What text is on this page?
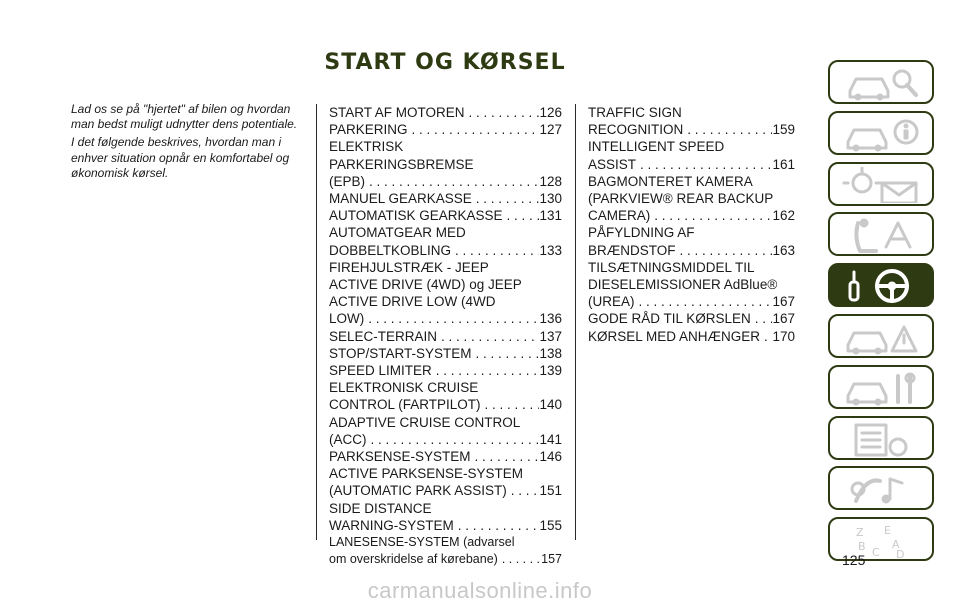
START OG KØRSEL

Lad os se på "hjertet" af bilen og hvordan man bedst muligt udnytter dens potentiale.

I det følgende beskrives, hvordan man i enhver situation opnår en komfortabel og økonomisk kørsel.

START AF MOTOREN . . .	126
PARKERING . . .	127
ELEKTRISK
PARKERINGSBREMSE
(EPB) . . .	128
MANUEL GEARKASSE . . .	130
AUTOMATISK GEARKASSE . . .	131
AUTOMATGEAR MED
DOBBELTKOBLING . . .	133
FIREHJULSTRÆK - JEEP
ACTIVE DRIVE (4WD) og JEEP
ACTIVE DRIVE LOW (4WD
LOW) . . .	136
SELEC-TERRAIN . . .	137
STOP/START-SYSTEM . . .	138
SPEED LIMITER . . .	139
ELEKTRONISK CRUISE
CONTROL (FARTPILOT) . . .	140
ADAPTIVE CRUISE CONTROL
(ACC) . . .	141
PARKSENSE-SYSTEM . . .	146
ACTIVE PARKSENSE-SYSTEM
(AUTOMATIC PARK ASSIST) . . . 151
SIDE DISTANCE
WARNING-SYSTEM . . .	155
LANESENSE-SYSTEM (advarsel
om overskridelse af kørebane) . . .	157
TRAFFIC SIGN
RECOGNITION . . .	159
INTELLIGENT SPEED
ASSIST . . .	161
BAGMONTERET KAMERA
(PARKVIEW® REAR BACKUP
CAMERA) . . .	162
PÅFYLDNING AF
BRÆNDSTOF . . .	163
TILSÆTNINGSMIDDEL TIL
DIESELEMISSIONER AdBlue®
(UREA) . . .	167
GODE RÅD TIL KØRSLEN . . . 167
KØRSEL MED ANHÆNGER . . . 170
Z E
B A
C D
125
carmanualsonline.info
